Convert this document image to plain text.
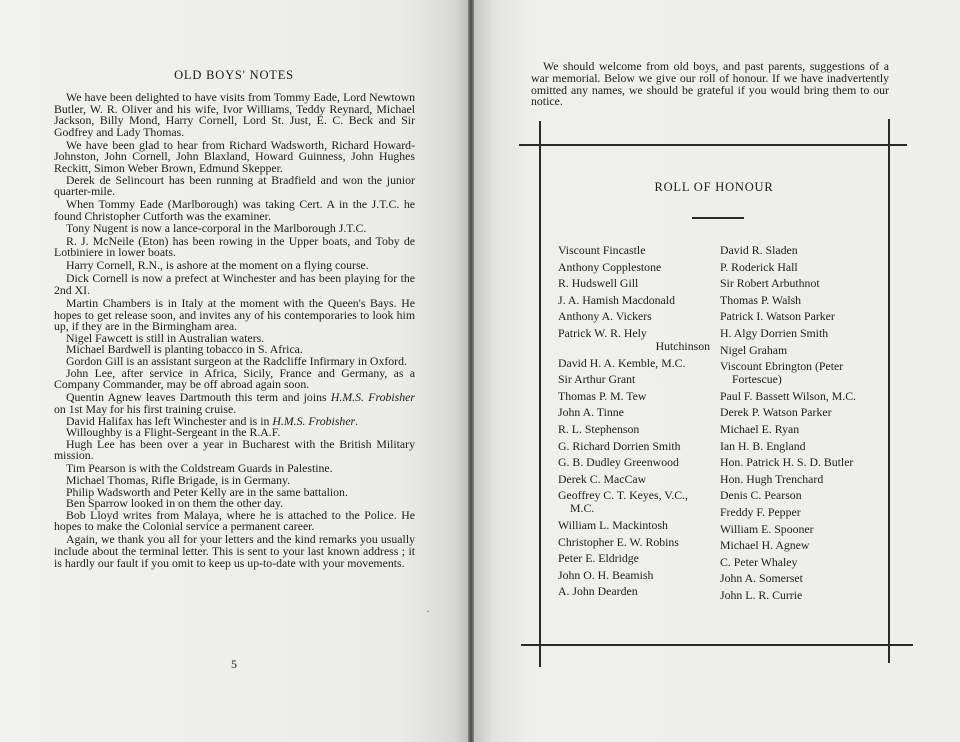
OLD BOYS' NOTES

We have been delighted to have visits from Tommy Eade, Lord Newtown Butler, W. R. Oliver and his wife, Ivor Williams, Teddy Reynard, Michael Jackson, Billy Mond, Harry Cornell, Lord St. Just, E. C. Beck and Sir Godfrey and Lady Thomas.

We have been glad to hear from Richard Wadsworth, Richard Howard-Johnston, John Cornell, John Blaxland, Howard Guinness, John Hughes Reckitt, Simon Weber Brown, Edmund Skepper.

Derek de Selincourt has been running at Bradfield and won the junior quarter-mile.

When Tommy Eade (Marlborough) was taking Cert. A in the J.T.C. he found Christopher Cutforth was the examiner.

Tony Nugent is now a lance-corporal in the Marlborough J.T.C.

R. J. McNeile (Eton) has been rowing in the Upper boats, and Toby de Lotbiniere in lower boats.

Harry Cornell, R.N., is ashore at the moment on a flying course.

Dick Cornell is now a prefect at Winchester and has been playing for the 2nd XI.

Martin Chambers is in Italy at the moment with the Queen's Bays. He hopes to get release soon, and invites any of his contemporaries to look him up, if they are in the Birmingham area.

Nigel Fawcett is still in Australian waters.

Michael Bardwell is planting tobacco in S. Africa.

Gordon Gill is an assistant surgeon at the Radcliffe Infirmary in Oxford.

John Lee, after service in Africa, Sicily, France and Germany, as a Company Commander, may be off abroad again soon.

Quentin Agnew leaves Dartmouth this term and joins H.M.S. Frobisher on 1st May for his first training cruise.

David Halifax has left Winchester and is in H.M.S. Frobisher.

Willoughby is a Flight-Sergeant in the R.A.F.

Hugh Lee has been over a year in Bucharest with the British Military mission.

Tim Pearson is with the Coldstream Guards in Palestine.

Michael Thomas, Rifle Brigade, is in Germany.

Philip Wadsworth and Peter Kelly are in the same battalion.

Ben Sparrow looked in on them the other day.

Bob Lloyd writes from Malaya, where he is attached to the Police. He hopes to make the Colonial service a permanent career.

Again, we thank you all for your letters and the kind remarks you usually include about the terminal letter. This is sent to your last known address ; it is hardly our fault if you omit to keep us up-to-date with your movements.

·
5

We should welcome from old boys, and past parents, suggestions of a war memorial. Below we give our roll of honour. If we have inadvertently omitted any names, we should be grateful if you would bring them to our notice.

ROLL OF HONOUR
Viscount Fincastle
Anthony Copplestone
R. Hudswell Gill
J. A. Hamish Macdonald
Anthony A. Vickers
Patrick W. R. Hely
Hutchinson
David H. A. Kemble, M.C.
Sir Arthur Grant
Thomas P. M. Tew
John A. Tinne
R. L. Stephenson
G. Richard Dorrien Smith
G. B. Dudley Greenwood
Derek C. MacCaw
Geoffrey C. T. Keyes, V.C.,
M.C.
William L. Mackintosh
Christopher E. W. Robins
Peter E. Eldridge
John O. H. Beamish
A. John Dearden
David R. Sladen
P. Roderick Hall
Sir Robert Arbuthnot
Thomas P. Walsh
Patrick I. Watson Parker
H. Algy Dorrien Smith
Nigel Graham
Viscount Ebrington (Peter
Fortescue)
Paul F. Bassett Wilson, M.C.
Derek P. Watson Parker
Michael E. Ryan
Ian H. B. England
Hon. Patrick H. S. D. Butler
Hon. Hugh Trenchard
Denis C. Pearson
Freddy F. Pepper
William E. Spooner
Michael H. Agnew
C. Peter Whaley
John A. Somerset
John L. R. Currie
